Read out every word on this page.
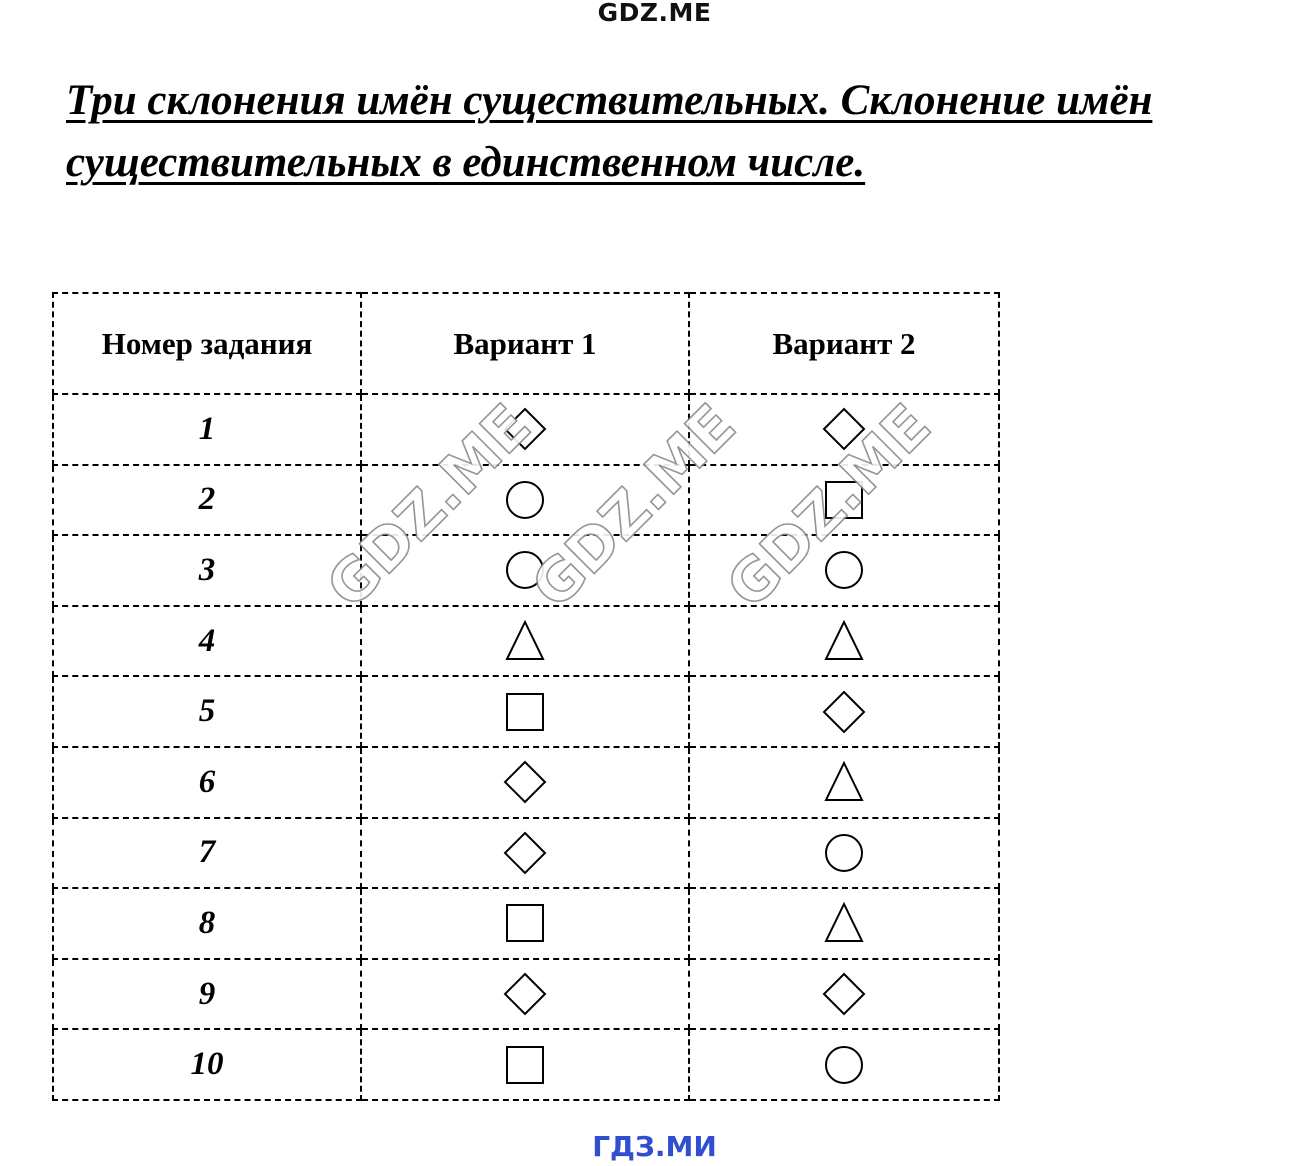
GDZ.ME
Три склонения имён существительных. Склонение имён
существительных в единственном числе.
Номер задания	Вариант 1	Вариант 2
1	

2	

3	

4	

5	

6	

7	

8	

9	

10	

GDZ.ME
GDZ.ME
GDZ.ME
ГДЗ.МИ
